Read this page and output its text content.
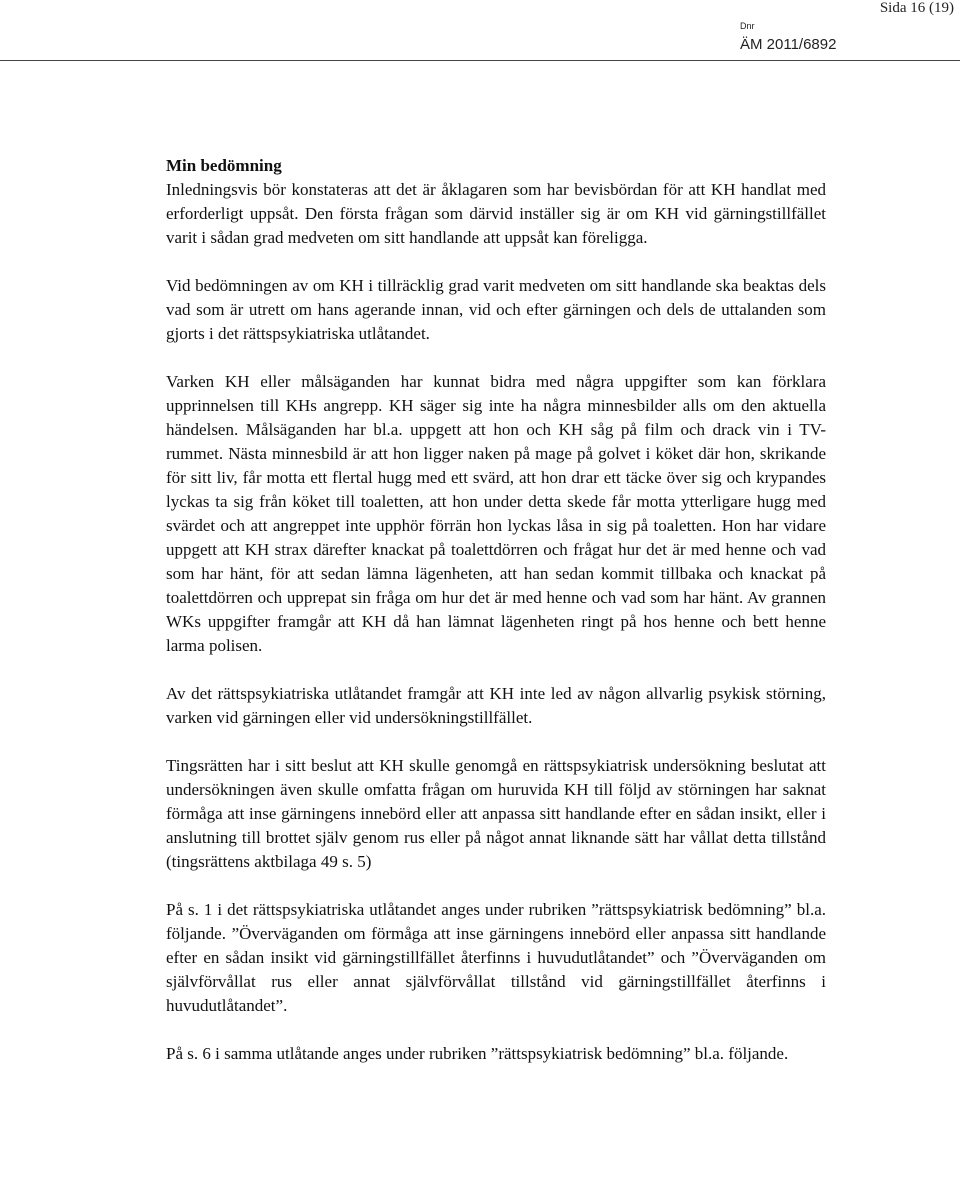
Sida 16 (19)
Dnr
ÄM 2011/6892

Min bedömning
Inledningsvis bör konstateras att det är åklagaren som har bevisbördan för att KH handlat med erforderligt uppsåt. Den första frågan som därvid inställer sig är om KH vid gärningstillfället varit i sådan grad medveten om sitt handlande att uppsåt kan föreligga.

Vid bedömningen av om KH i tillräcklig grad varit medveten om sitt handlande ska beaktas dels vad som är utrett om hans agerande innan, vid och efter gärningen och dels de uttalanden som gjorts i det rättspsykiatriska utlåtandet.

Varken KH eller målsäganden har kunnat bidra med några uppgifter som kan förklara upprinnelsen till KHs angrepp. KH säger sig inte ha några minnesbilder alls om den aktuella händelsen. Målsäganden har bl.a. uppgett att hon och KH såg på film och drack vin i TV-rummet. Nästa minnesbild är att hon ligger naken på mage på golvet i köket där hon, skrikande för sitt liv, får motta ett flertal hugg med ett svärd, att hon drar ett täcke över sig och krypandes lyckas ta sig från köket till toaletten, att hon under detta skede får motta ytterligare hugg med svärdet och att angreppet inte upphör förrän hon lyckas låsa in sig på toaletten. Hon har vidare uppgett att KH strax därefter knackat på toalettdörren och frågat hur det är med henne och vad som har hänt, för att sedan lämna lägenheten, att han sedan kommit tillbaka och knackat på toalettdörren och upprepat sin fråga om hur det är med henne och vad som har hänt. Av grannen WKs uppgifter framgår att KH då han lämnat lägenheten ringt på hos henne och bett henne larma polisen.

Av det rättspsykiatriska utlåtandet framgår att KH inte led av någon allvarlig psykisk störning, varken vid gärningen eller vid undersökningstillfället.

Tingsrätten har i sitt beslut att KH skulle genomgå en rättspsykiatrisk undersökning beslutat att undersökningen även skulle omfatta frågan om huruvida KH till följd av störningen har saknat förmåga att inse gärningens innebörd eller att anpassa sitt handlande efter en sådan insikt, eller i anslutning till brottet själv genom rus eller på något annat liknande sätt har vållat detta tillstånd (tingsrättens aktbilaga 49 s. 5)

På s. 1 i det rättspsykiatriska utlåtandet anges under rubriken ”rättspsykiatrisk bedömning” bl.a. följande. ”Överväganden om förmåga att inse gärningens innebörd eller anpassa sitt handlande efter en sådan insikt vid gärningstillfället återfinns i huvudutlåtandet” och ”Överväganden om självförvållat rus eller annat självförvållat tillstånd vid gärningstillfället återfinns i huvudutlåtandet”.

På s. 6 i samma utlåtande anges under rubriken ”rättspsykiatrisk bedömning” bl.a. följande.
